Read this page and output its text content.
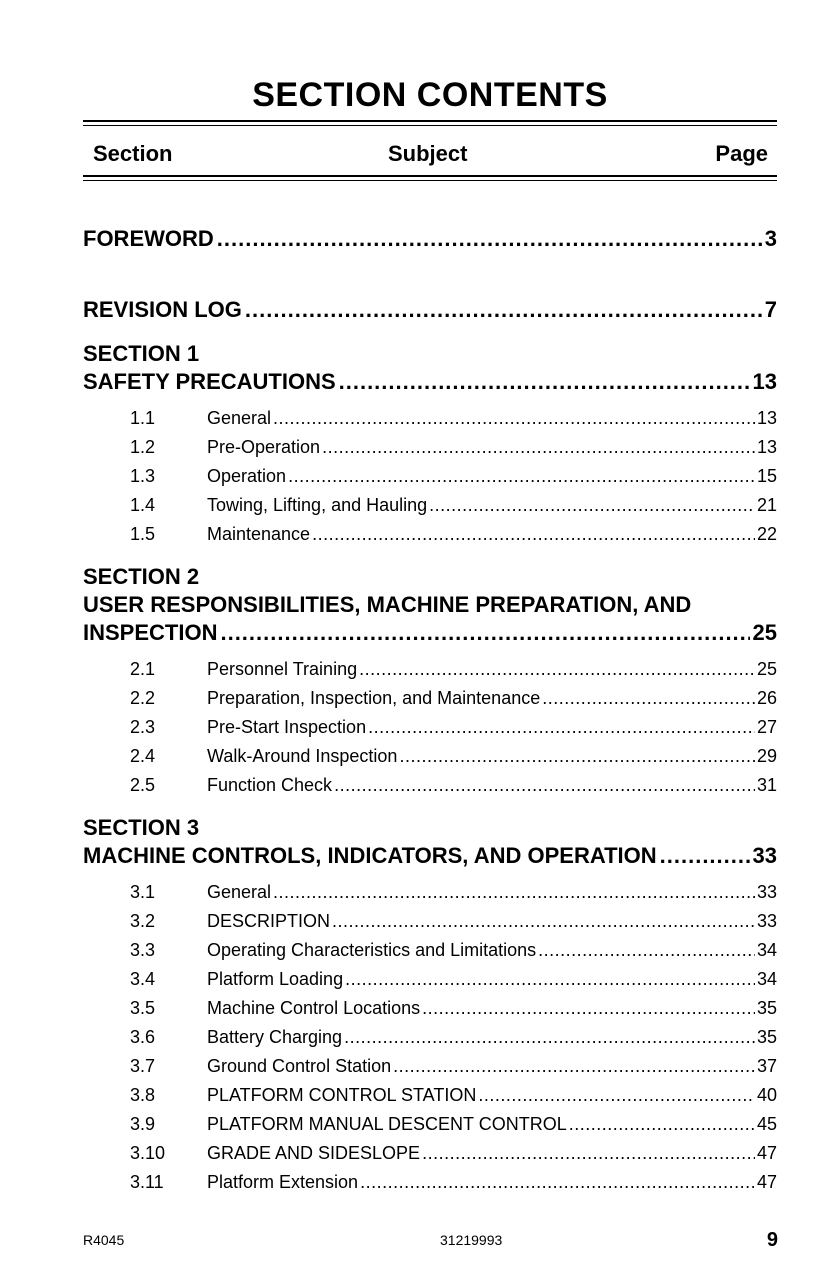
SECTION CONTENTS
Section	Subject	Page
FOREWORD .....	3
REVISION LOG .....	7
SECTION 1
SAFETY PRECAUTIONS .....	13
1.1	General .....	13
1.2	Pre-Operation .....	13
1.3	Operation .....	15
1.4	Towing, Lifting, and Hauling .....	21
1.5	Maintenance .....	22
SECTION 2
USER RESPONSIBILITIES, MACHINE PREPARATION, AND
INSPECTION .....	25
2.1	Personnel Training .....	25
2.2	Preparation, Inspection, and Maintenance .....	26
2.3	Pre-Start Inspection .....	27
2.4	Walk-Around Inspection .....	29
2.5	Function Check .....	31
SECTION 3
MACHINE CONTROLS, INDICATORS, AND OPERATION .....	33
3.1	General .....	33
3.2	DESCRIPTION .....	33
3.3	Operating Characteristics and Limitations .....	34
3.4	Platform Loading .....	34
3.5	Machine Control Locations .....	35
3.6	Battery Charging .....	35
3.7	Ground Control Station .....	37
3.8	PLATFORM CONTROL STATION .....	40
3.9	PLATFORM MANUAL DESCENT CONTROL .....	45
3.10 GRADE AND SIDESLOPE .....	47
3.11 Platform Extension .....	47
R4045	31219993	9
